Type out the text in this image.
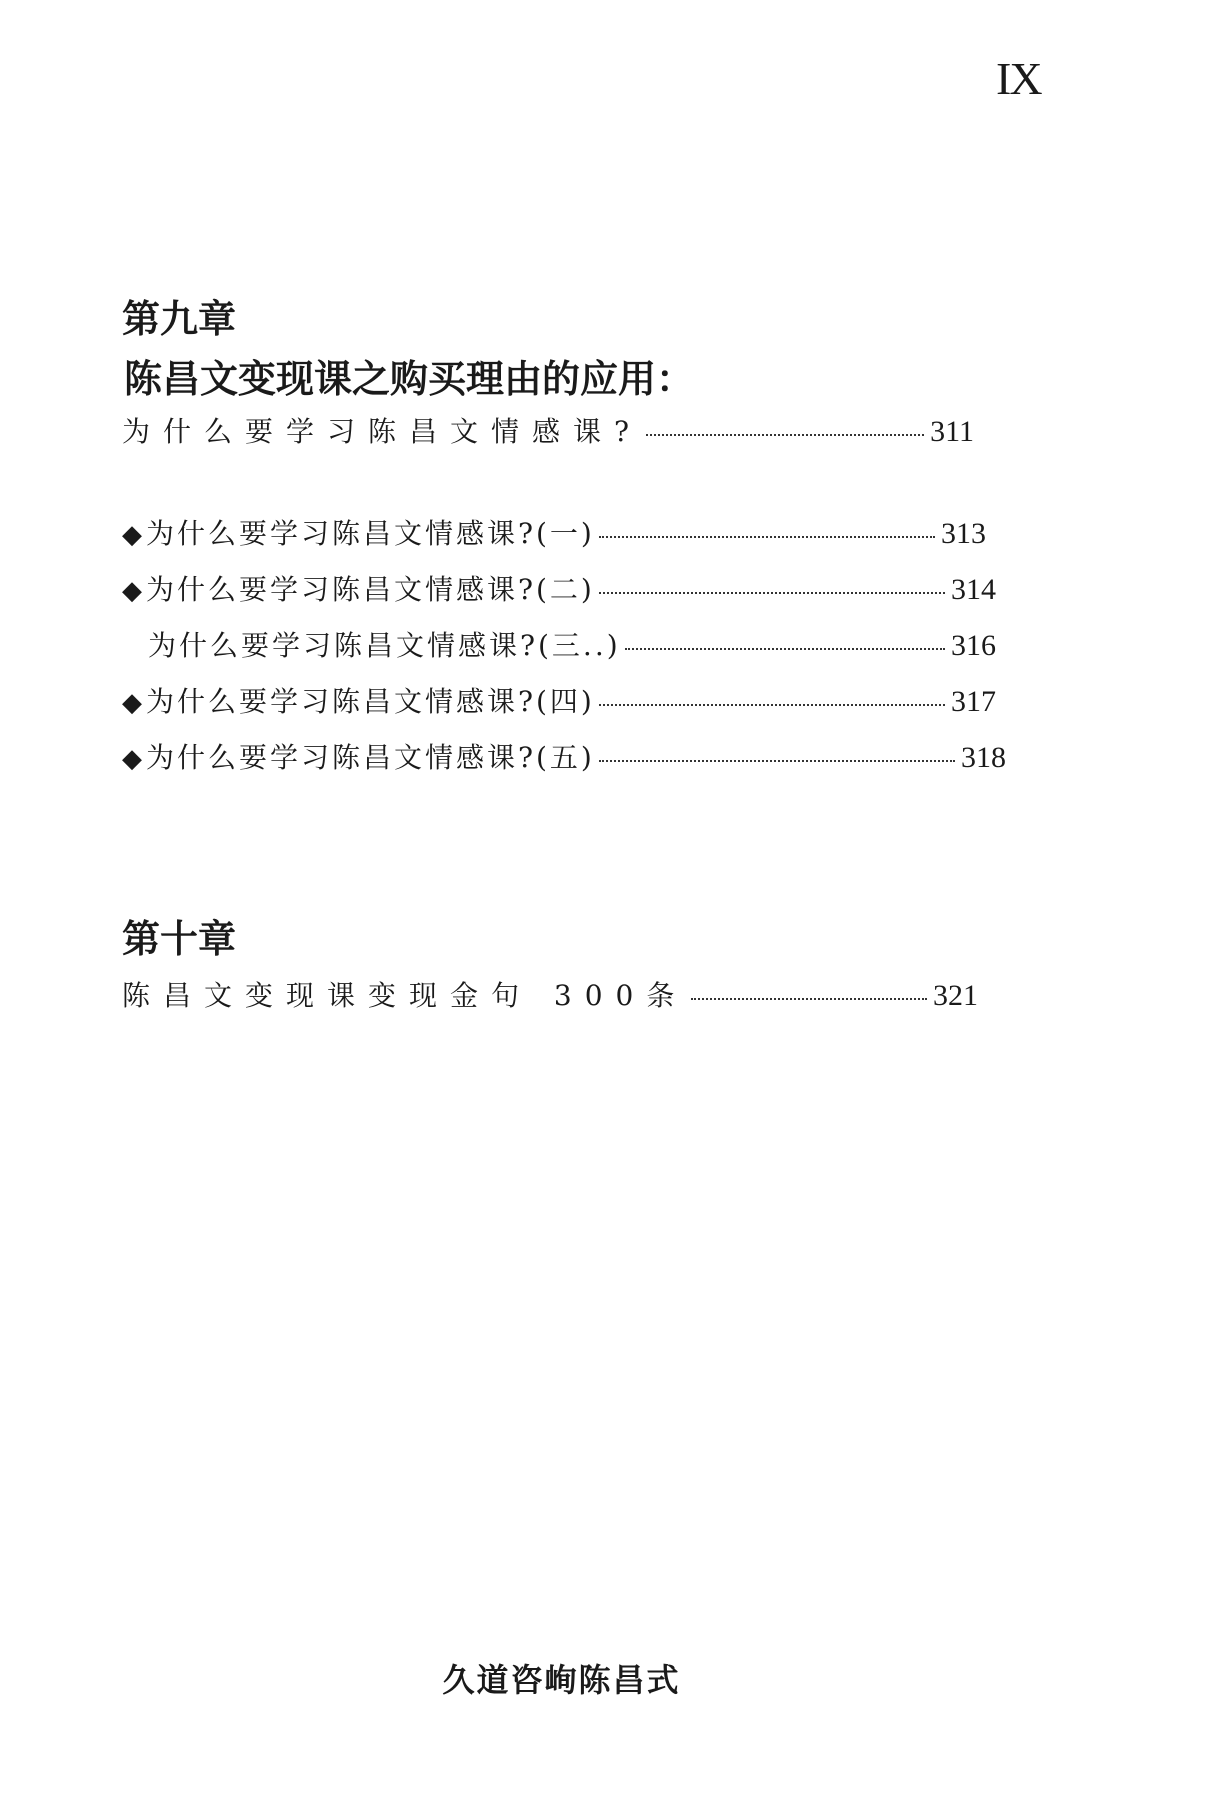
IX
第九章
陈昌文变现课之购买理由的应用：
为什么要学习陈昌文情感课?	311
◆ 为什么要学习陈昌文情感课?(一)	313
◆ 为什么要学习陈昌文情感课?(二)	314
为什么要学习陈昌文情感课?(三..)	316
◆ 为什么要学习陈昌文情感课?(四)	317
◆ 为什么要学习陈昌文情感课?(五)	318
第十章
陈昌文变现课变现金句 300条	321
久道咨峋陈昌式
